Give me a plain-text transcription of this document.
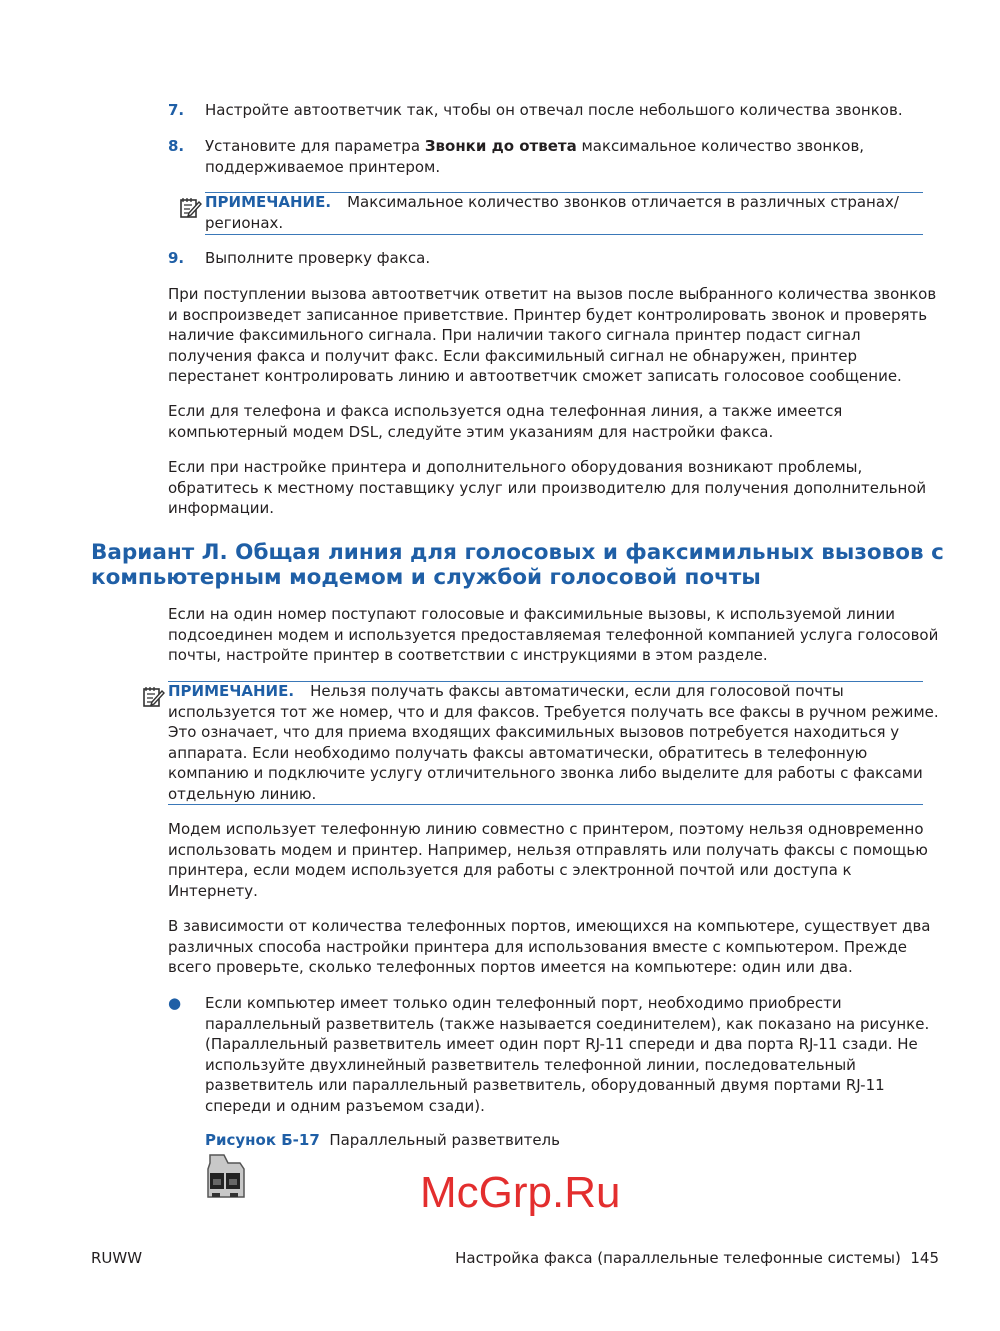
7. Настройте автоответчик так, чтобы он отвечал после небольшого количества звонков.
8. Установите для параметра Звонки до ответа максимальное количество звонков,
поддерживаемое принтером.
ПРИМЕЧАНИЕ. Максимальное количество звонков отличается в различных странах/
регионах.
9. Выполните проверку факса.
При поступлении вызова автоответчик ответит на вызов после выбранного количества звонков
и воспроизведет записанное приветствие. Принтер будет контролировать звонок и проверять
наличие факсимильного сигнала. При наличии такого сигнала принтер подаст сигнал
получения факса и получит факс. Если факсимильный сигнал не обнаружен, принтер
перестанет контролировать линию и автоответчик сможет записать голосовое сообщение.
Если для телефона и факса используется одна телефонная линия, а также имеется
компьютерный модем DSL, следуйте этим указаниям для настройки факса.
Если при настройке принтера и дополнительного оборудования возникают проблемы,
обратитесь к местному поставщику услуг или производителю для получения дополнительной
информации.
Вариант Л. Общая линия для голосовых и факсимильных вызовов с
компьютерным модемом и службой голосовой почты
Если на один номер поступают голосовые и факсимильные вызовы, к используемой линии
подсоединен модем и используется предоставляемая телефонной компанией услуга голосовой
почты, настройте принтер в соответствии с инструкциями в этом разделе.
ПРИМЕЧАНИЕ. Нельзя получать факсы автоматически, если для голосовой почты
используется тот же номер, что и для факсов. Требуется получать все факсы в ручном режиме.
Это означает, что для приема входящих факсимильных вызовов потребуется находиться у
аппарата. Если необходимо получать факсы автоматически, обратитесь в телефонную
компанию и подключите услугу отличительного звонка либо выделите для работы с факсами
отдельную линию.
Модем использует телефонную линию совместно с принтером, поэтому нельзя одновременно
использовать модем и принтер. Например, нельзя отправлять или получать факсы с помощью
принтера, если модем используется для работы с электронной почтой или доступа к
Интернету.
В зависимости от количества телефонных портов, имеющихся на компьютере, существует два
различных способа настройки принтера для использования вместе с компьютером. Прежде
всего проверьте, сколько телефонных портов имеется на компьютере: один или два.
● Если компьютер имеет только один телефонный порт, необходимо приобрести
параллельный разветвитель (также называется соединителем), как показано на рисунке.
(Параллельный разветвитель имеет один порт RJ-11 спереди и два порта RJ-11 сзади. Не
используйте двухлинейный разветвитель телефонной линии, последовательный
разветвитель или параллельный разветвитель, оборудованный двумя портами RJ-11
спереди и одним разъемом сзади).
Рисунок Б-17 Параллельный разветвитель
McGrp.Ru
RUWW	Настройка факса (параллельные телефонные системы) 145
